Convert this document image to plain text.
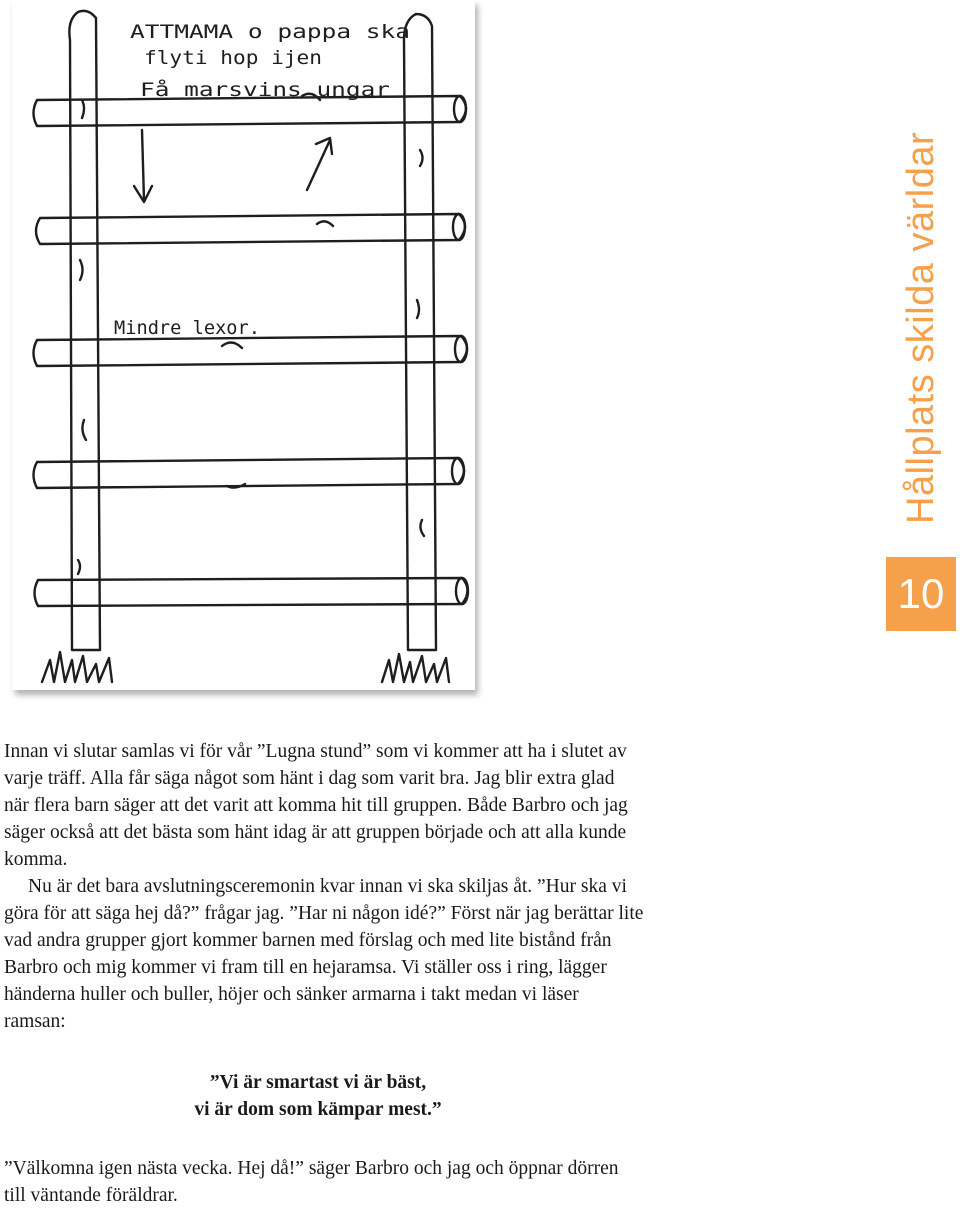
ATTMAMA o pappa ska
flyti hop ijen
Få marsvins ungar
Mindre lexor.	Hållplats skilda världar
10

Innan vi slutar samlas vi för vår ”Lugna stund” som vi kommer att ha i slutet av varje träff. Alla får säga något som hänt i dag som varit bra. Jag blir extra glad när flera barn säger att det varit att komma hit till gruppen. Både Barbro och jag säger också att det bästa som hänt idag är att gruppen började och att alla kunde komma.

Nu är det bara avslutningsceremonin kvar innan vi ska skiljas åt. ”Hur ska vi göra för att säga hej då?” frågar jag. ”Har ni någon idé?” Först när jag berättar lite vad andra grupper gjort kommer barnen med förslag och med lite bistånd från Barbro och mig kommer vi fram till en hejaramsa. Vi ställer oss i ring, lägger händerna huller och buller, höjer och sänker armarna i takt medan vi läser ramsan:

”Vi är smartast vi är bäst,
vi är dom som kämpar mest.”

”Välkomna igen nästa vecka. Hej då!” säger Barbro och jag och öppnar dörren till väntande föräldrar.
